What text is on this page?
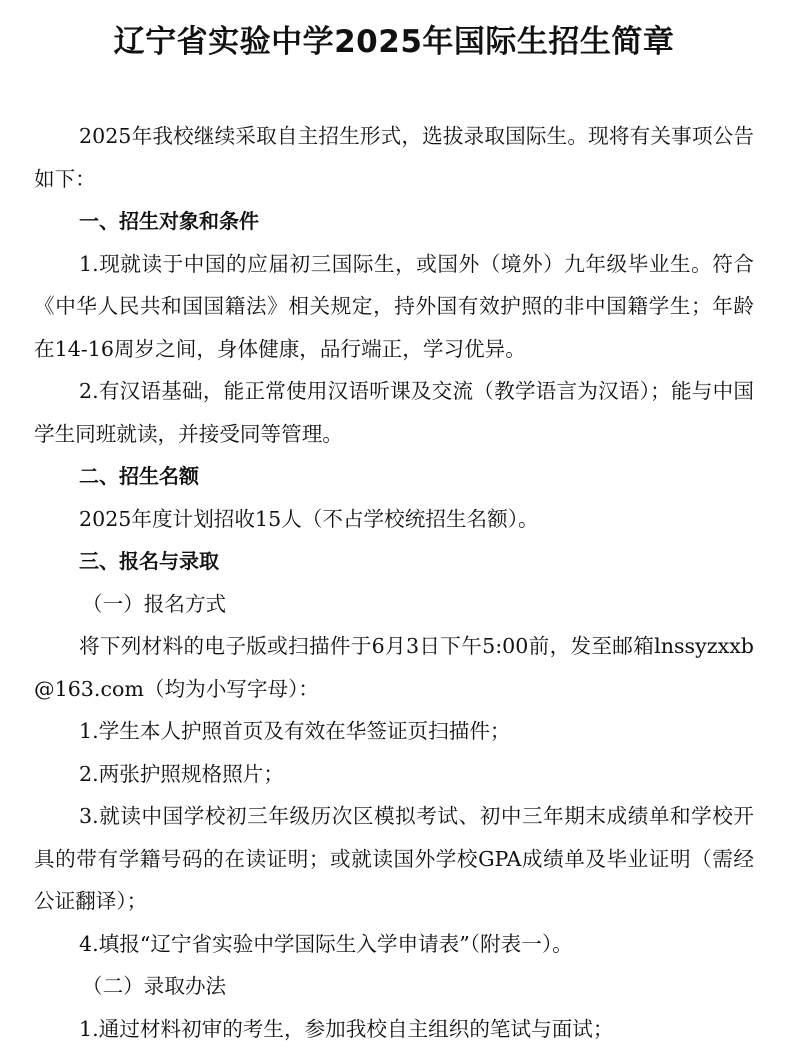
辽宁省实验中学2025年国际生招生简章

2025年我校继续采取自主招生形式，选拔录取国际生。现将有关事项公告如下：

一、招生对象和条件

1.现就读于中国的应届初三国际生，或国外（境外）九年级毕业生。符合《中华人民共和国国籍法》相关规定，持外国有效护照的非中国籍学生；年龄在14-16周岁之间，身体健康，品行端正，学习优异。

2.有汉语基础，能正常使用汉语听课及交流（教学语言为汉语）；能与中国学生同班就读，并接受同等管理。

二、招生名额

2025年度计划招收15人（不占学校统招生名额）。

三、报名与录取

（一）报名方式

将下列材料的电子版或扫描件于6月3日下午5:00前，发至邮箱lnssyzxxb@163.com（均为小写字母）：

1.学生本人护照首页及有效在华签证页扫描件；

2.两张护照规格照片；

3.就读中国学校初三年级历次区模拟考试、初中三年期末成绩单和学校开具的带有学籍号码的在读证明；或就读国外学校GPA成绩单及毕业证明（需经公证翻译）；

4.填报“辽宁省实验中学国际生入学申请表”（附表一）。

（二）录取办法

1.通过材料初审的考生，参加我校自主组织的笔试与面试；
